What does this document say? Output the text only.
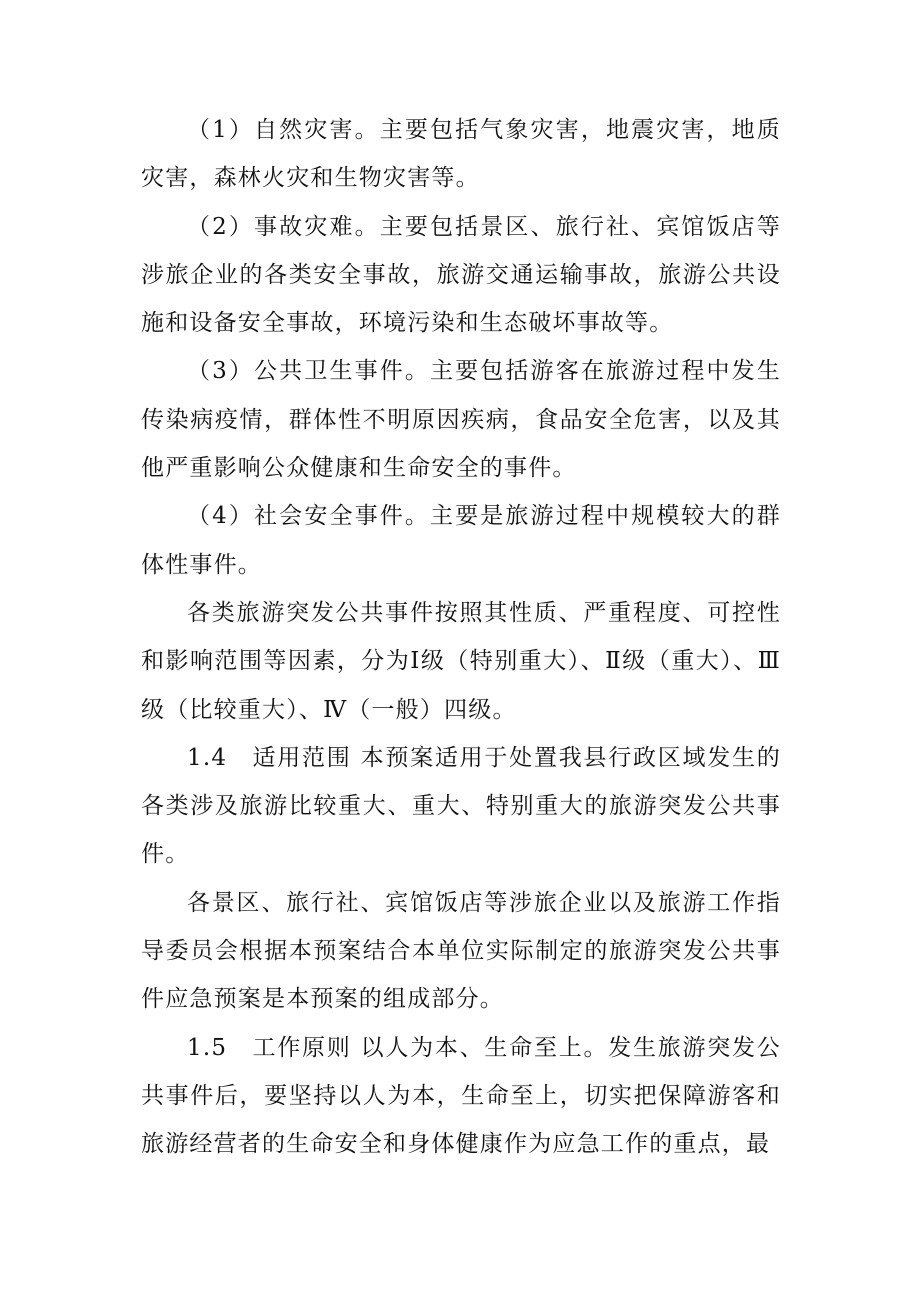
（1）自然灾害。主要包括气象灾害，地震灾害，地质灾害，森林火灾和生物灾害等。

（2）事故灾难。主要包括景区、旅行社、宾馆饭店等涉旅企业的各类安全事故，旅游交通运输事故，旅游公共设施和设备安全事故，环境污染和生态破坏事故等。

（3）公共卫生事件。主要包括游客在旅游过程中发生传染病疫情，群体性不明原因疾病，食品安全危害，以及其他严重影响公众健康和生命安全的事件。

（4）社会安全事件。主要是旅游过程中规模较大的群体性事件。

各类旅游突发公共事件按照其性质、严重程度、可控性和影响范围等因素，分为Ⅰ级（特别重大）、Ⅱ级（重大）、Ⅲ级（比较重大）、Ⅳ（一般）四级。

1.4　适用范围 本预案适用于处置我县行政区域发生的各类涉及旅游比较重大、重大、特别重大的旅游突发公共事件。

各景区、旅行社、宾馆饭店等涉旅企业以及旅游工作指导委员会根据本预案结合本单位实际制定的旅游突发公共事件应急预案是本预案的组成部分。

1.5　工作原则 以人为本、生命至上。发生旅游突发公共事件后，要坚持以人为本，生命至上，切实把保障游客和旅游经营者的生命安全和身体健康作为应急工作的重点，最
